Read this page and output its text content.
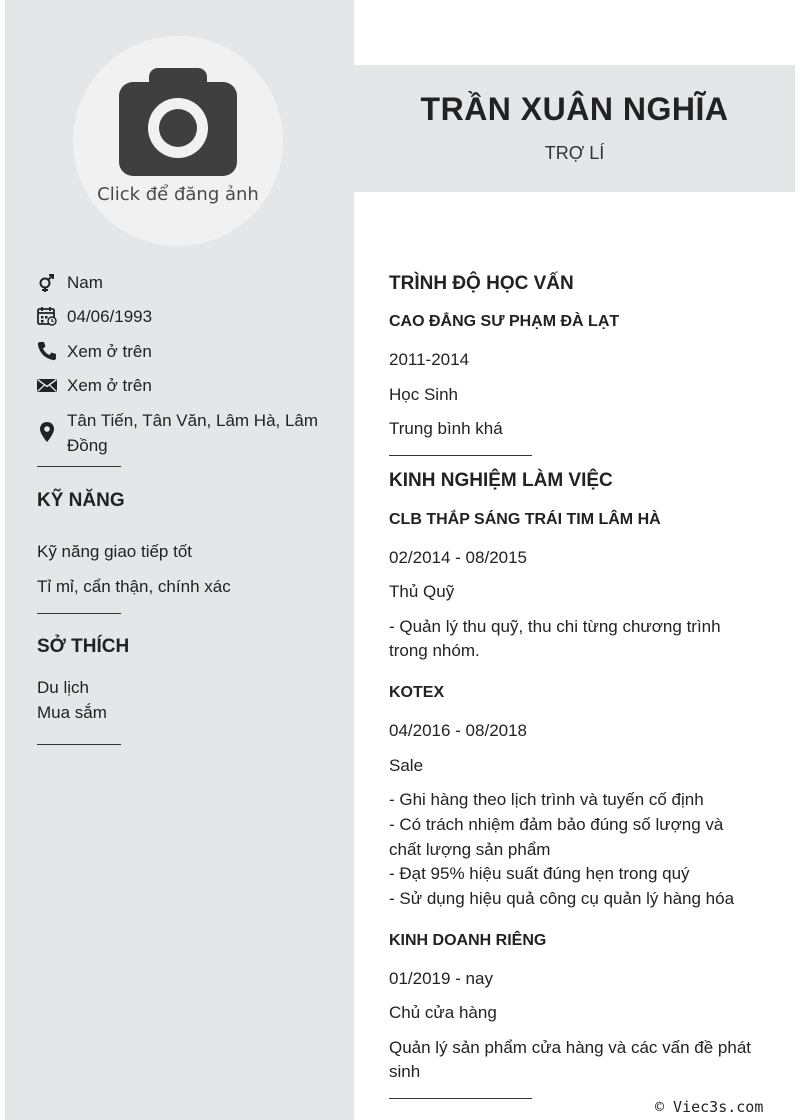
Click để đăng ảnh
Nam
04/06/1993
Xem ở trên
Xem ở trên
Tân Tiến, Tân Văn, Lâm Hà, Lâm Đồng
KỸ NĂNG
Kỹ năng giao tiếp tốt
Tỉ mỉ, cẩn thận, chính xác
SỞ THÍCH
Du lịch
Mua sắm
TRẦN XUÂN NGHĨA
TRỢ LÍ
TRÌNH ĐỘ HỌC VẤN
CAO ĐẲNG SƯ PHẠM ĐÀ LẠT
2011-2014
Học Sinh
Trung bình khá
KINH NGHIỆM LÀM VIỆC
CLB THẮP SÁNG TRÁI TIM LÂM HÀ
02/2014 - 08/2015
Thủ Quỹ
- Quản lý thu quỹ, thu chi từng chương trình
trong nhóm.
KOTEX
04/2016 - 08/2018
Sale
- Ghi hàng theo lịch trình và tuyến cố định
- Có trách nhiệm đảm bảo đúng số lượng và
chất lượng sản phẩm
- Đạt 95% hiệu suất đúng hẹn trong quý
- Sử dụng hiệu quả công cụ quản lý hàng hóa
KINH DOANH RIÊNG
01/2019 - nay
Chủ cửa hàng
Quản lý sản phẩm cửa hàng và các vấn đề phát
sinh
© Viec3s.com
